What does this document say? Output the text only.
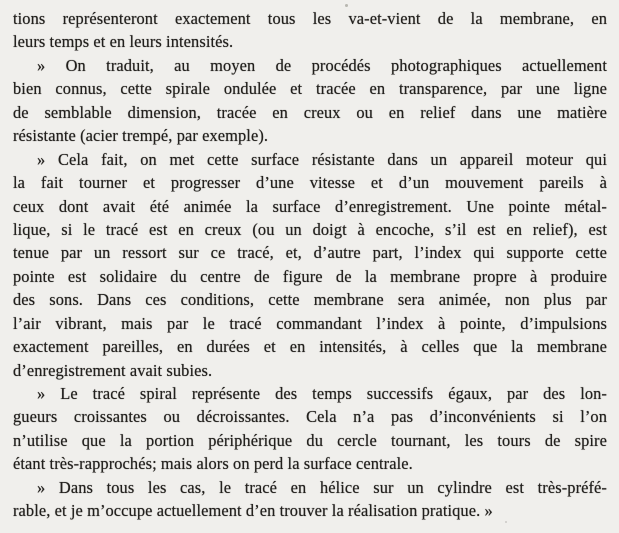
tions représenteront exactement tous les va-et-vient de la membrane, en
leurs temps et en leurs intensités.
» On traduit, au moyen de procédés photographiques actuellement
bien connus, cette spirale ondulée et tracée en transparence, par une ligne
de semblable dimension, tracée en creux ou en relief dans une matière
résistante (acier trempé, par exemple).
» Cela fait, on met cette surface résistante dans un appareil moteur qui
la fait tourner et progresser d’une vitesse et d’un mouvement pareils à
ceux dont avait été animée la surface d’enregistrement. Une pointe métal-
lique, si le tracé est en creux (ou un doigt à encoche, s’il est en relief), est
tenue par un ressort sur ce tracé, et, d’autre part, l’index qui supporte cette
pointe est solidaire du centre de figure de la membrane propre à produire
des sons. Dans ces conditions, cette membrane sera animée, non plus par
l’air vibrant, mais par le tracé commandant l’index à pointe, d’impulsions
exactement pareilles, en durées et en intensités, à celles que la membrane
d’enregistrement avait subies.
» Le tracé spiral représente des temps successifs égaux, par des lon-
gueurs croissantes ou décroissantes. Cela n’a pas d’inconvénients si l’on
n’utilise que la portion périphérique du cercle tournant, les tours de spire
étant très-rapprochés; mais alors on perd la surface centrale.
» Dans tous les cas, le tracé en hélice sur un cylindre est très-préfé-
rable, et je m’occupe actuellement d’en trouver la réalisation pratique. »
